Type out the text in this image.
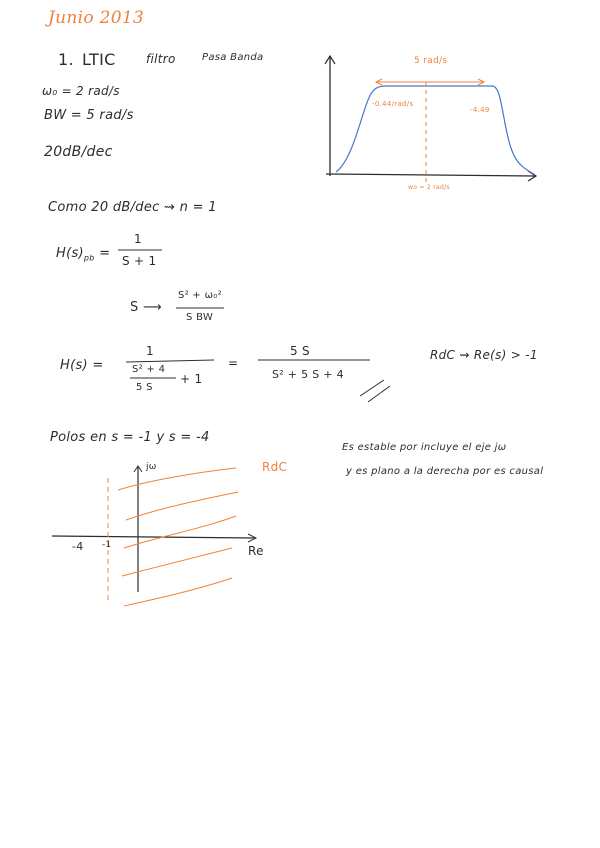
Junio 2013
1. LTIC	filtro	Pasa Banda
ω₀ = 2 rad/s
BW = 5 rad/s
20dB/dec
5 rad/s
-0.44/rad/s
-4.49
wo = 2 rad/s
Como 20 dB/dec ⇝ n = 1
$H(s)_{pb}$ =
1
S + 1
S ⟶
S² + ω₀²
S BW
H(s) =
1
S² + 4
5 S
+ 1
=
5 S
S² + 5 S + 4
RdC ⇝ Re(s) > -1
Polos en s = -1 y s = -4
Es estable por incluye el eje jω
y es plano a la derecha por es causal
jω
Re
RdC
-4 -1
